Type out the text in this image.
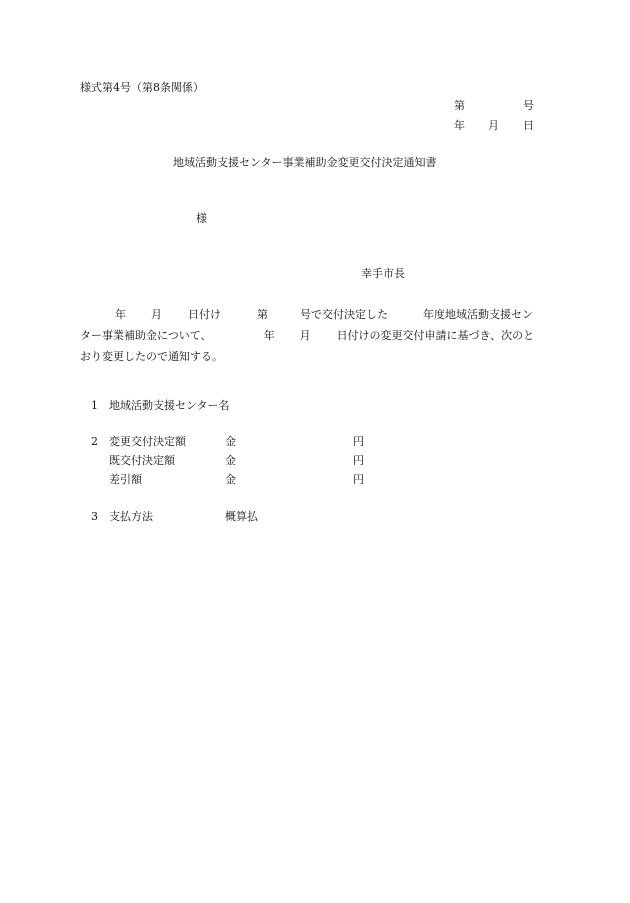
様式第4号（第8条関係）
第	号
年 月 日
地域活動支援センター事業補助金変更交付決定通知書
様
幸手市長
年 月 日付け	第	号で交付決定した	年度地域活動支援セン
ター事業補助金について、	年 月 日付けの変更交付申請に基づき、次のと
おり変更したので通知する。
1 地域活動支援センター名
2 変更交付決定額	金	円
既交付決定額	金	円
差引額	金	円
3 支払方法	概算払
